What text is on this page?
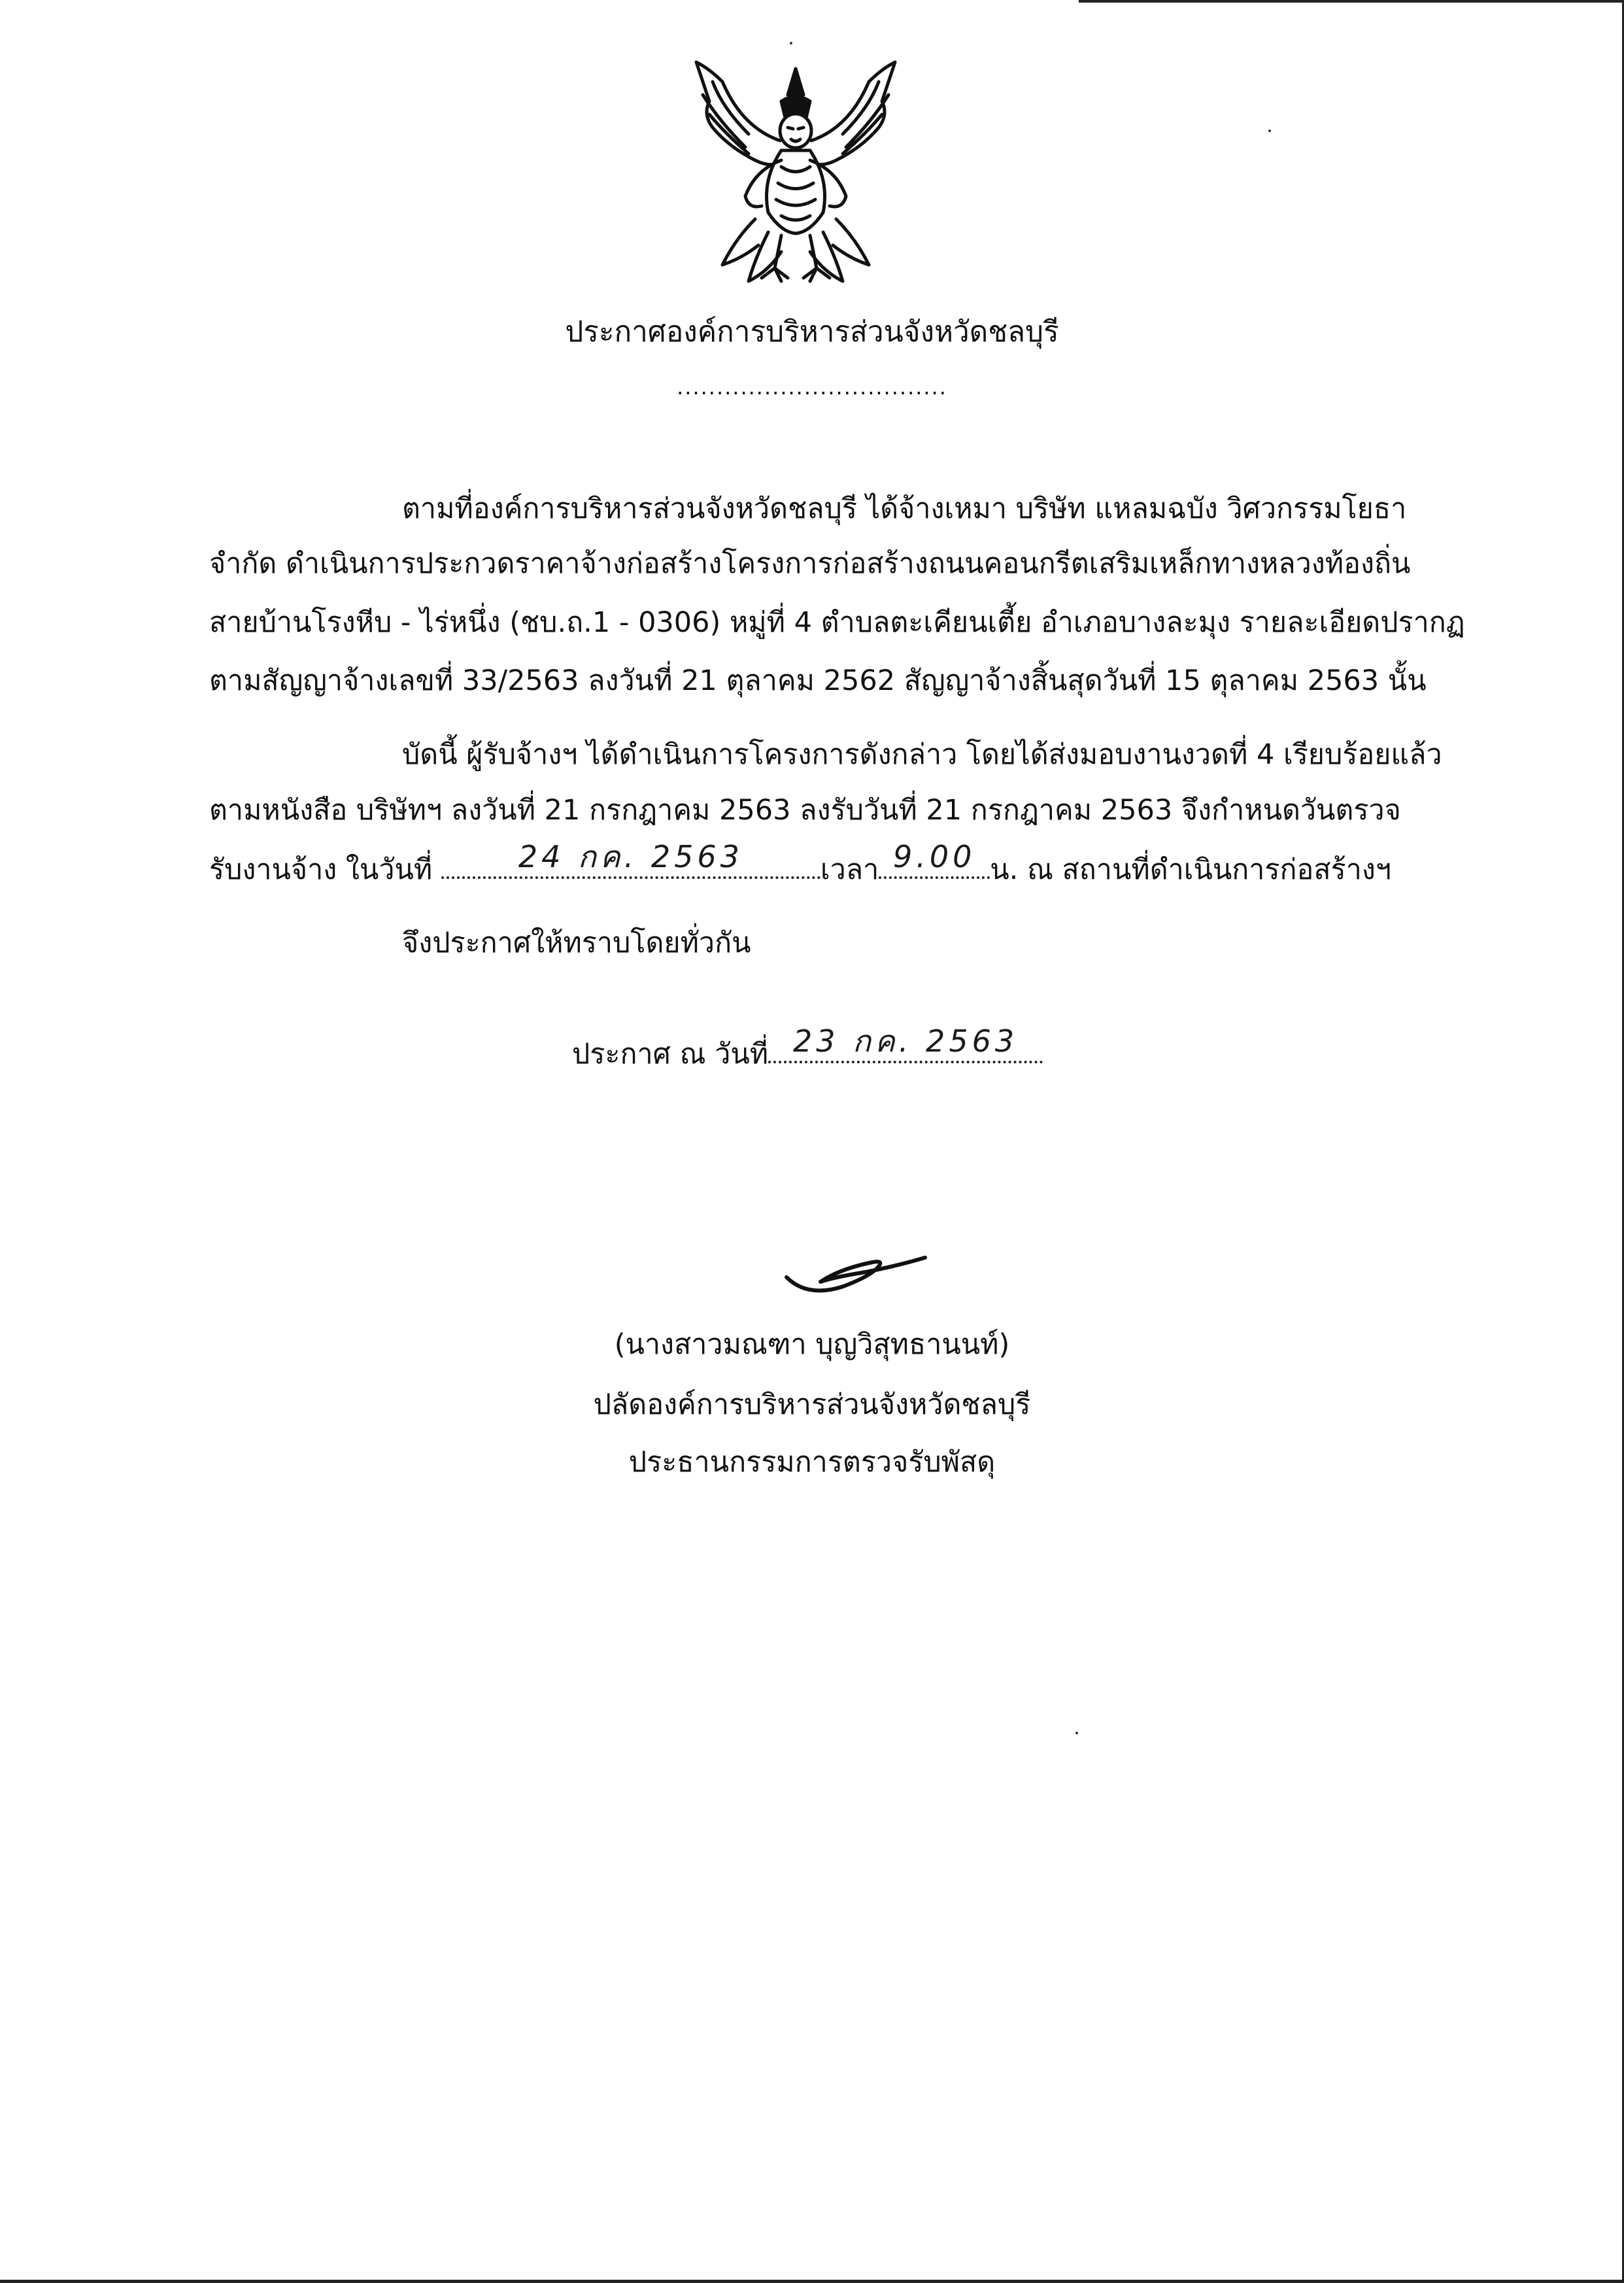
ประกาศองค์การบริหารส่วนจังหวัดชลบุรี
..................................
ตามที่องค์การบริหารส่วนจังหวัดชลบุรี ได้จ้างเหมา บริษัท แหลมฉบัง วิศวกรรมโยธา
จำกัด ดำเนินการประกวดราคาจ้างก่อสร้างโครงการก่อสร้างถนนคอนกรีตเสริมเหล็กทางหลวงท้องถิ่น
สายบ้านโรงหีบ - ไร่หนึ่ง (ชบ.ถ.1 - 0306) หมู่ที่ 4 ตำบลตะเคียนเตี้ย อำเภอบางละมุง รายละเอียดปรากฏ
ตามสัญญาจ้างเลขที่ 33/2563 ลงวันที่ 21 ตุลาคม 2562 สัญญาจ้างสิ้นสุดวันที่ 15 ตุลาคม 2563 นั้น
บัดนี้ ผู้รับจ้างฯ ได้ดำเนินการโครงการดังกล่าว โดยได้ส่งมอบงานงวดที่ 4 เรียบร้อยแล้ว
ตามหนังสือ บริษัทฯ ลงวันที่ 21 กรกฎาคม 2563 ลงรับวันที่ 21 กรกฎาคม 2563 จึงกำหนดวันตรวจ
รับงานจ้าง ในวันที่	24 กค. 2563	เวลา 9.00 น. ณ สถานที่ดำเนินการก่อสร้างฯ
จึงประกาศให้ทราบโดยทั่วกัน
ประกาศ ณ วันที่ 23 กค. 2563
(นางสาวมณฑา บุญวิสุทธานนท์)
ปลัดองค์การบริหารส่วนจังหวัดชลบุรี
ประธานกรรมการตรวจรับพัสดุ
